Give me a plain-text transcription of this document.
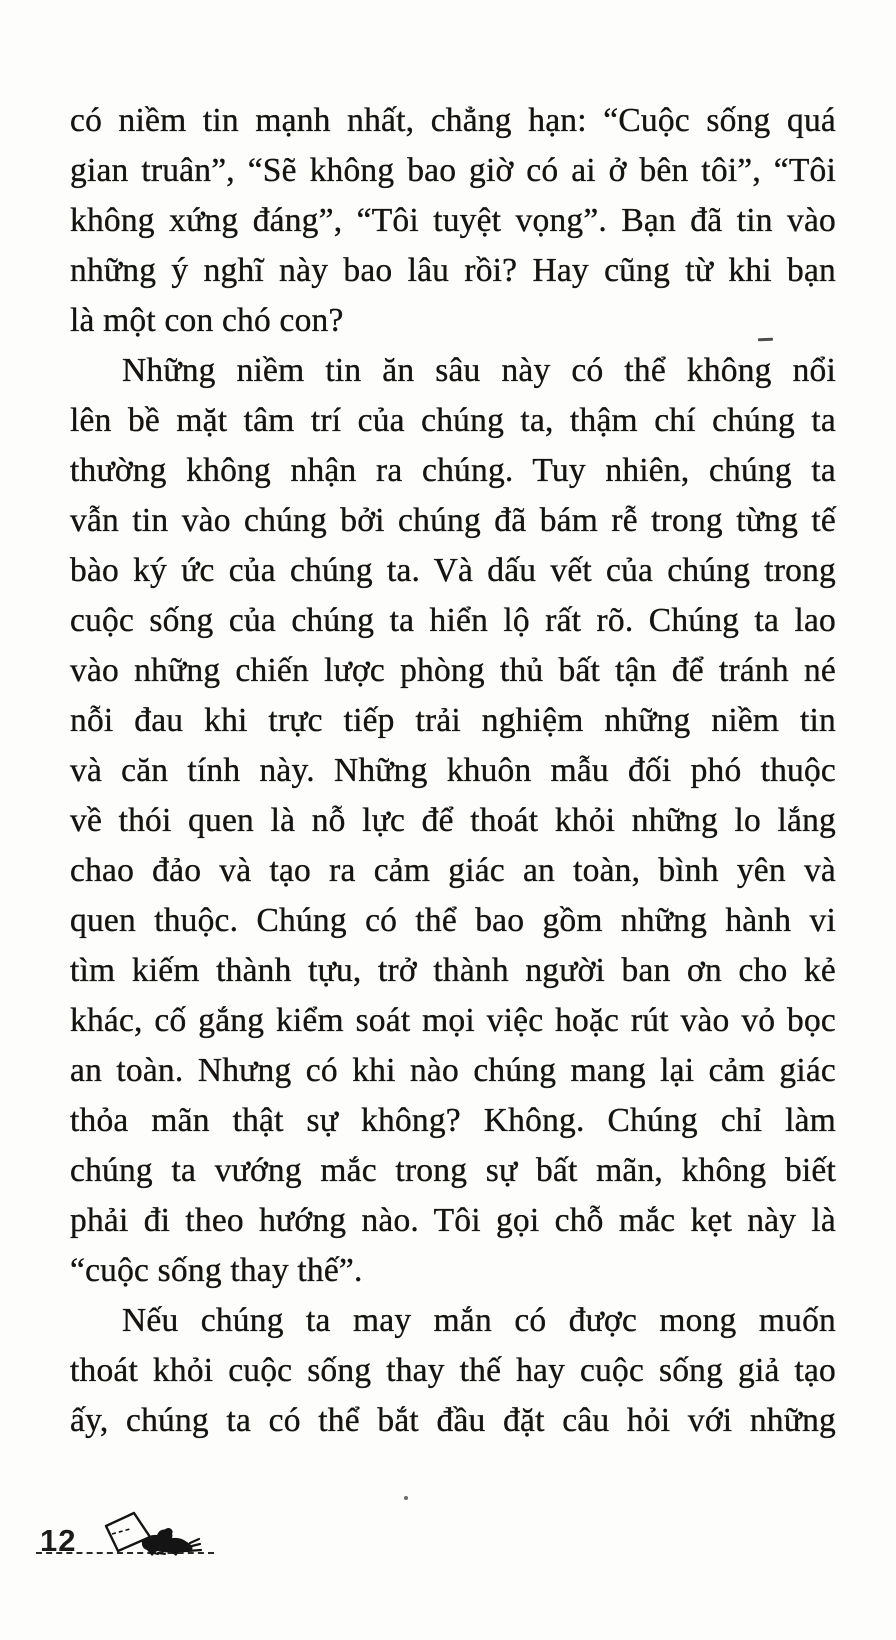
có niềm tin mạnh nhất, chẳng hạn: “Cuộc sống quá
gian truân”, “Sẽ không bao giờ có ai ở bên tôi”, “Tôi
không xứng đáng”, “Tôi tuyệt vọng”. Bạn đã tin vào
những ý nghĩ này bao lâu rồi? Hay cũng từ khi bạn
là một con chó con?
Những niềm tin ăn sâu này có thể không nổi
lên bề mặt tâm trí của chúng ta, thậm chí chúng ta
thường không nhận ra chúng. Tuy nhiên, chúng ta
vẫn tin vào chúng bởi chúng đã bám rễ trong từng tế
bào ký ức của chúng ta. Và dấu vết của chúng trong
cuộc sống của chúng ta hiển lộ rất rõ. Chúng ta lao
vào những chiến lược phòng thủ bất tận để tránh né
nỗi đau khi trực tiếp trải nghiệm những niềm tin
và căn tính này. Những khuôn mẫu đối phó thuộc
về thói quen là nỗ lực để thoát khỏi những lo lắng
chao đảo và tạo ra cảm giác an toàn, bình yên và
quen thuộc. Chúng có thể bao gồm những hành vi
tìm kiếm thành tựu, trở thành người ban ơn cho kẻ
khác, cố gắng kiểm soát mọi việc hoặc rút vào vỏ bọc
an toàn. Nhưng có khi nào chúng mang lại cảm giác
thỏa mãn thật sự không? Không. Chúng chỉ làm
chúng ta vướng mắc trong sự bất mãn, không biết
phải đi theo hướng nào. Tôi gọi chỗ mắc kẹt này là
“cuộc sống thay thế”.
Nếu chúng ta may mắn có được mong muốn
thoát khỏi cuộc sống thay thế hay cuộc sống giả tạo
ấy, chúng ta có thể bắt đầu đặt câu hỏi với những
12
